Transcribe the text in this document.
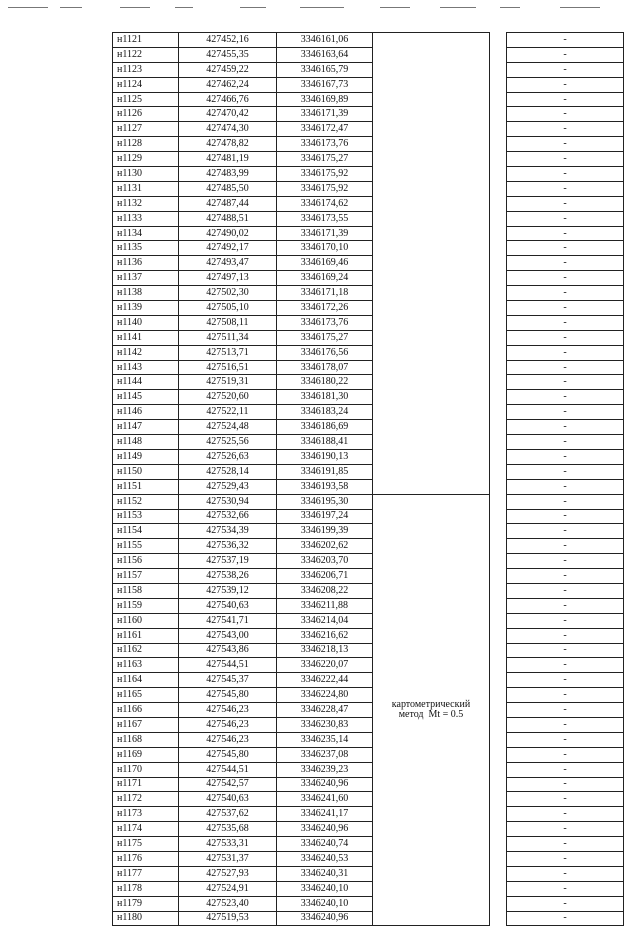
н1121	427452,16	3346161,06			-
н1122	427455,35	3346163,64			-
н1123	427459,22	3346165,79			-
н1124	427462,24	3346167,73			-
н1125	427466,76	3346169,89			-
н1126	427470,42	3346171,39			-
н1127	427474,30	3346172,47			-
н1128	427478,82	3346173,76			-
н1129	427481,19	3346175,27			-
н1130	427483,99	3346175,92			-
н1131	427485,50	3346175,92			-
н1132	427487,44	3346174,62			-
н1133	427488,51	3346173,55			-
н1134	427490,02	3346171,39			-
н1135	427492,17	3346170,10			-
н1136	427493,47	3346169,46			-
н1137	427497,13	3346169,24			-
н1138	427502,30	3346171,18			-
н1139	427505,10	3346172,26			-
н1140	427508,11	3346173,76			-
н1141	427511,34	3346175,27			-
н1142	427513,71	3346176,56			-
н1143	427516,51	3346178,07			-
н1144	427519,31	3346180,22			-
н1145	427520,60	3346181,30			-
н1146	427522,11	3346183,24			-
н1147	427524,48	3346186,69			-
н1148	427525,56	3346188,41			-
н1149	427526,63	3346190,13			-
н1150	427528,14	3346191,85			-
н1151	427529,43	3346193,58			-
н1152	427530,94	3346195,30	картометрический
метод  Mt = 0.5		-
н1153	427532,66	3346197,24			-
н1154	427534,39	3346199,39			-
н1155	427536,32	3346202,62			-
н1156	427537,19	3346203,70			-
н1157	427538,26	3346206,71			-
н1158	427539,12	3346208,22			-
н1159	427540,63	3346211,88			-
н1160	427541,71	3346214,04			-
н1161	427543,00	3346216,62			-
н1162	427543,86	3346218,13			-
н1163	427544,51	3346220,07			-
н1164	427545,37	3346222,44			-
н1165	427545,80	3346224,80			-
н1166	427546,23	3346228,47			-
н1167	427546,23	3346230,83			-
н1168	427546,23	3346235,14			-
н1169	427545,80	3346237,08			-
н1170	427544,51	3346239,23			-
н1171	427542,57	3346240,96			-
н1172	427540,63	3346241,60			-
н1173	427537,62	3346241,17			-
н1174	427535,68	3346240,96			-
н1175	427533,31	3346240,74			-
н1176	427531,37	3346240,53			-
н1177	427527,93	3346240,31			-
н1178	427524,91	3346240,10			-
н1179	427523,40	3346240,10			-
н1180	427519,53	3346240,96			-
